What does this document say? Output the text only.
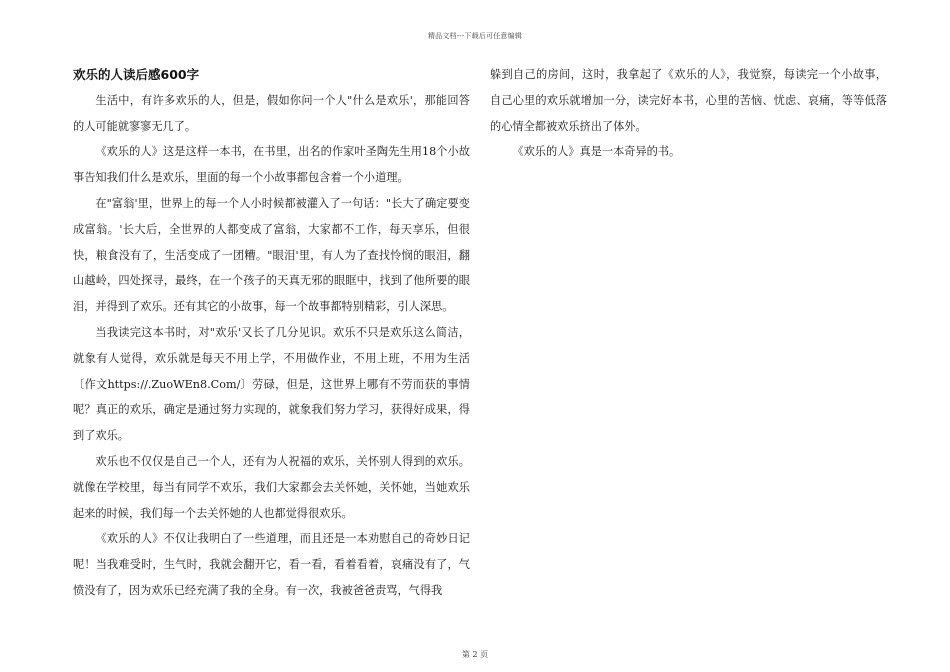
精品文档---下载后可任意编辑
欢乐的人读后感600字

生活中，有许多欢乐的人，但是，假如你问一个人"什么是欢乐'，那能回答的人可能就寥寥无几了。

《欢乐的人》这是这样一本书，在书里，出名的作家叶圣陶先生用18个小故事告知我们什么是欢乐，里面的每一个小故事都包含着一个小道理。

在"富翁'里，世界上的每一个人小时候都被灌入了一句话："长大了确定要变成富翁。'长大后，全世界的人都变成了富翁，大家都不工作，每天享乐，但很快，粮食没有了，生活变成了一团糟。"眼泪'里，有人为了查找怜悯的眼泪，翻山越岭，四处探寻，最终，在一个孩子的天真无邪的眼眶中，找到了他所要的眼泪，并得到了欢乐。还有其它的小故事，每一个故事都特别精彩，引人深思。

当我读完这本书时，对"欢乐'又长了几分见识。欢乐不只是欢乐这么简洁，就象有人觉得，欢乐就是每天不用上学，不用做作业，不用上班，不用为生活〔作文https://.ZuoWEn8.Com/〕劳碌，但是，这世界上哪有不劳而获的事情呢？真正的欢乐，确定是通过努力实现的，就象我们努力学习，获得好成果，得到了欢乐。

欢乐也不仅仅是自己一个人，还有为人祝福的欢乐，关怀别人得到的欢乐。就像在学校里，每当有同学不欢乐，我们大家都会去关怀她，关怀她，当她欢乐起来的时候，我们每一个去关怀她的人也都觉得很欢乐。

《欢乐的人》不仅让我明白了一些道理，而且还是一本劝慰自己的奇妙日记呢！当我难受时，生气时，我就会翻开它，看一看，看着看着，哀痛没有了，气愤没有了，因为欢乐已经充满了我的全身。有一次，我被爸爸责骂，气得我

躲到自己的房间，这时，我拿起了《欢乐的人》，我觉察，每读完一个小故事，自己心里的欢乐就增加一分，读完好本书，心里的苦恼、忧虑、哀痛，等等低落的心情全都被欢乐挤出了体外。

《欢乐的人》真是一本奇异的书。

第 2 页
